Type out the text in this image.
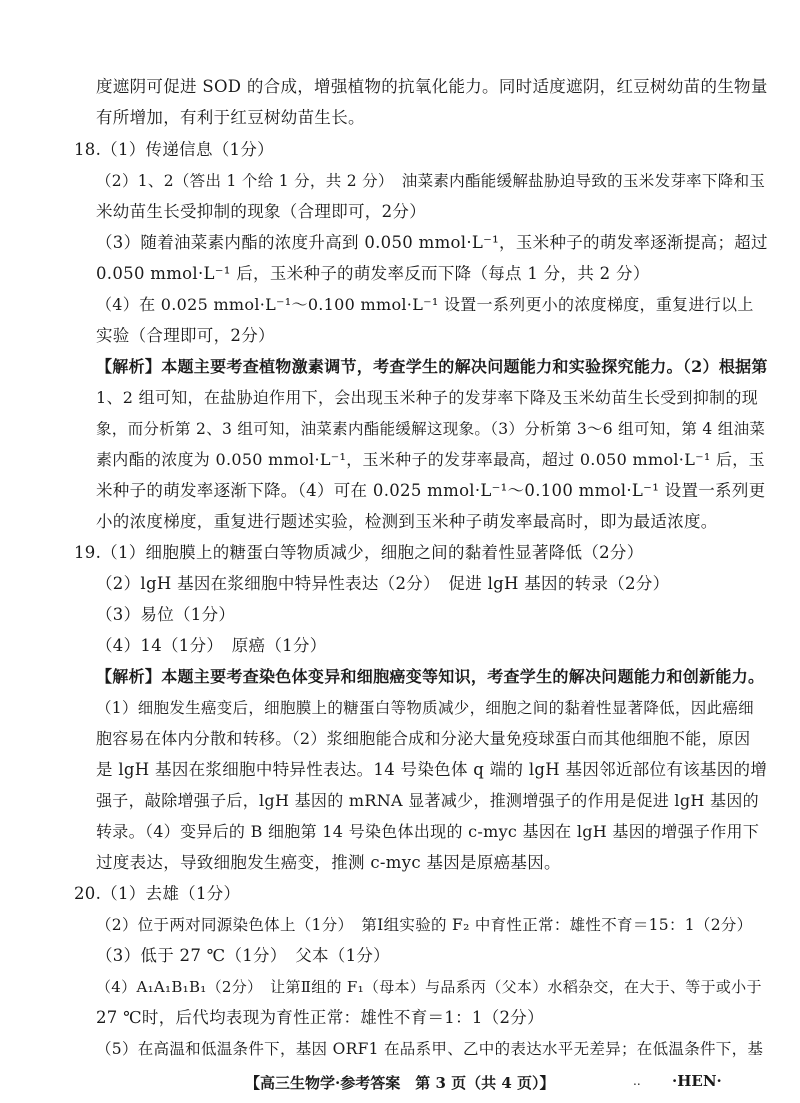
度遮阴可促进 SOD 的合成，增强植物的抗氧化能力。同时适度遮阴，红豆树幼苗的生物量
有所增加，有利于红豆树幼苗生长。
18.（1）传递信息（1分）
（2）1、2（答出 1 个给 1 分，共 2 分）　油菜素内酯能缓解盐胁迫导致的玉米发芽率下降和玉
米幼苗生长受抑制的现象（合理即可，2分）
（3）随着油菜素内酯的浓度升高到 0.050 mmol·L⁻¹，玉米种子的萌发率逐渐提高；超过
0.050 mmol·L⁻¹ 后，玉米种子的萌发率反而下降（每点 1 分，共 2 分）
（4）在 0.025 mmol·L⁻¹～0.100 mmol·L⁻¹ 设置一系列更小的浓度梯度，重复进行以上
实验（合理即可，2分）
【解析】本题主要考查植物激素调节，考查学生的解决问题能力和实验探究能力。（2）根据第
1、2 组可知，在盐胁迫作用下，会出现玉米种子的发芽率下降及玉米幼苗生长受到抑制的现
象，而分析第 2、3 组可知，油菜素内酯能缓解这现象。（3）分析第 3～6 组可知，第 4 组油菜
素内酯的浓度为 0.050 mmol·L⁻¹，玉米种子的发芽率最高，超过 0.050 mmol·L⁻¹ 后，玉
米种子的萌发率逐渐下降。（4）可在 0.025 mmol·L⁻¹～0.100 mmol·L⁻¹ 设置一系列更
小的浓度梯度，重复进行题述实验，检测到玉米种子萌发率最高时，即为最适浓度。
19.（1）细胞膜上的糖蛋白等物质减少，细胞之间的黏着性显著降低（2分）
（2）lgH 基因在浆细胞中特异性表达（2分）　促进 lgH 基因的转录（2分）
（3）易位（1分）
（4）14（1分）　原癌（1分）
【解析】本题主要考查染色体变异和细胞癌变等知识，考查学生的解决问题能力和创新能力。
（1）细胞发生癌变后，细胞膜上的糖蛋白等物质减少，细胞之间的黏着性显著降低，因此癌细
胞容易在体内分散和转移。（2）浆细胞能合成和分泌大量免疫球蛋白而其他细胞不能，原因
是 lgH 基因在浆细胞中特异性表达。14 号染色体 q 端的 lgH 基因邻近部位有该基因的增
强子，敲除增强子后，lgH 基因的 mRNA 显著减少，推测增强子的作用是促进 lgH 基因的
转录。（4）变异后的 B 细胞第 14 号染色体出现的 c-myc 基因在 lgH 基因的增强子作用下
过度表达，导致细胞发生癌变，推测 c-myc 基因是原癌基因。
20.（1）去雄（1分）
（2）位于两对同源染色体上（1分）　第Ⅰ组实验的 F₂ 中育性正常：雄性不育＝15：1（2分）
（3）低于 27 ℃（1分）　父本（1分）
（4）A₁A₁B₁B₁（2分）　让第Ⅱ组的 F₁（母本）与品系丙（父本）水稻杂交，在大于、等于或小于
27 ℃时，后代均表现为育性正常：雄性不育＝1：1（2分）
（5）在高温和低温条件下，基因 ORF1 在品系甲、乙中的表达水平无差异；在低温条件下，基
【高三生物学·参考答案　第 3 页（共 4 页）】	.. ·HEN·
